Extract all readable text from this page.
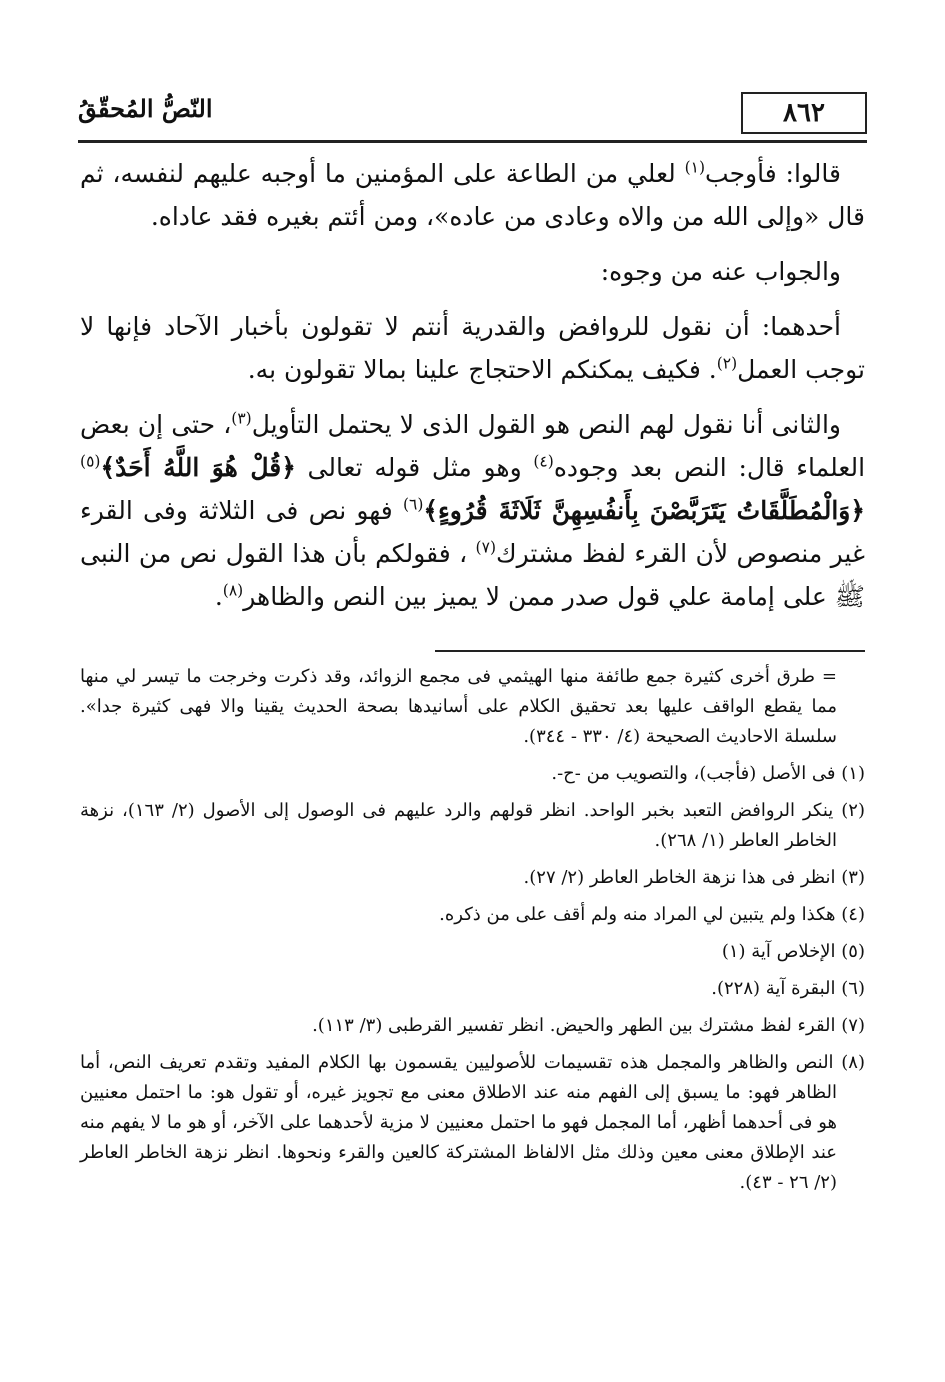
٨٦٢
النّصُّ المُحقّقُ

قالوا: فأوجب$^{(١)}$ لعلي من الطاعة على المؤمنين ما أوجبه عليهم لنفسه، ثم قال «وإلى الله من والاه وعادى من عاده»، ومن أئتم بغيره فقد عاداه.

والجواب عنه من وجوه:

أحدهما: أن نقول للروافض والقدرية أنتم لا تقولون بأخبار الآحاد فإنها لا توجب العمل$^{(٢)}$. فكيف يمكنكم الاحتجاج علينا بمالا تقولون به.

والثانى أنا نقول لهم النص هو القول الذى لا يحتمل التأويل$^{(٣)}$، حتى إن بعض العلماء قال: النص بعد وجوده$^{(٤)}$ وهو مثل قوله تعالى ﴿قُلْ هُوَ اللَّهُ أَحَدٌ﴾$^{(٥)}$ ﴿وَالْمُطَلَّقَاتُ يَتَرَبَّصْنَ بِأَنفُسِهِنَّ ثَلَاثَةَ قُرُوءٍ﴾$^{(٦)}$ فهو نص فى الثلاثة وفى القرء غير منصوص لأن القرء لفظ مشترك$^{(٧)}$ ، فقولكم بأن هذا القول نص من النبى ﷺ على إمامة علي قول صدر ممن لا يميز بين النص والظاهر$^{(٨)}$.

= طرق أخرى كثيرة جمع طائفة منها الهيثمي فى مجمع الزوائد، وقد ذكرت وخرجت ما تيسر لي منها مما يقطع الواقف عليها بعد تحقيق الكلام على أسانيدها بصحة الحديث يقينا والا فهى كثيرة جدا». سلسلة الاحاديث الصحيحة (٤/ ٣٣٠ - ٣٤٤).
(١) فى الأصل (فأجب)، والتصويب من -ح-.
(٢) ينكر الروافض التعبد بخبر الواحد. انظر قولهم والرد عليهم فى الوصول إلى الأصول (٢/ ١٦٣)، نزهة الخاطر العاطر (١/ ٢٦٨).
(٣) انظر فى هذا نزهة الخاطر العاطر (٢/ ٢٧).
(٤) هكذا ولم يتبين لي المراد منه ولم أقف على من ذكره.
(٥) الإخلاص آية (١)
(٦) البقرة آية (٢٢٨).
(٧) القرء لفظ مشترك بين الطهر والحيض. انظر تفسير القرطبى (٣/ ١١٣).
(٨) النص والظاهر والمجمل هذه تقسيمات للأصوليين يقسمون بها الكلام المفيد وتقدم تعريف النص، أما الظاهر فهو: ما يسبق إلى الفهم منه عند الاطلاق معنى مع تجويز غيره، أو تقول هو: ما احتمل معنيين هو فى أحدهما أظهر، أما المجمل فهو ما احتمل معنيين لا مزية لأحدهما على الآخر، أو هو ما لا يفهم منه عند الإطلاق معنى معين وذلك مثل الالفاظ المشتركة كالعين والقرء ونحوها. انظر نزهة الخاطر العاطر (٢/ ٢٦ - ٤٣).
